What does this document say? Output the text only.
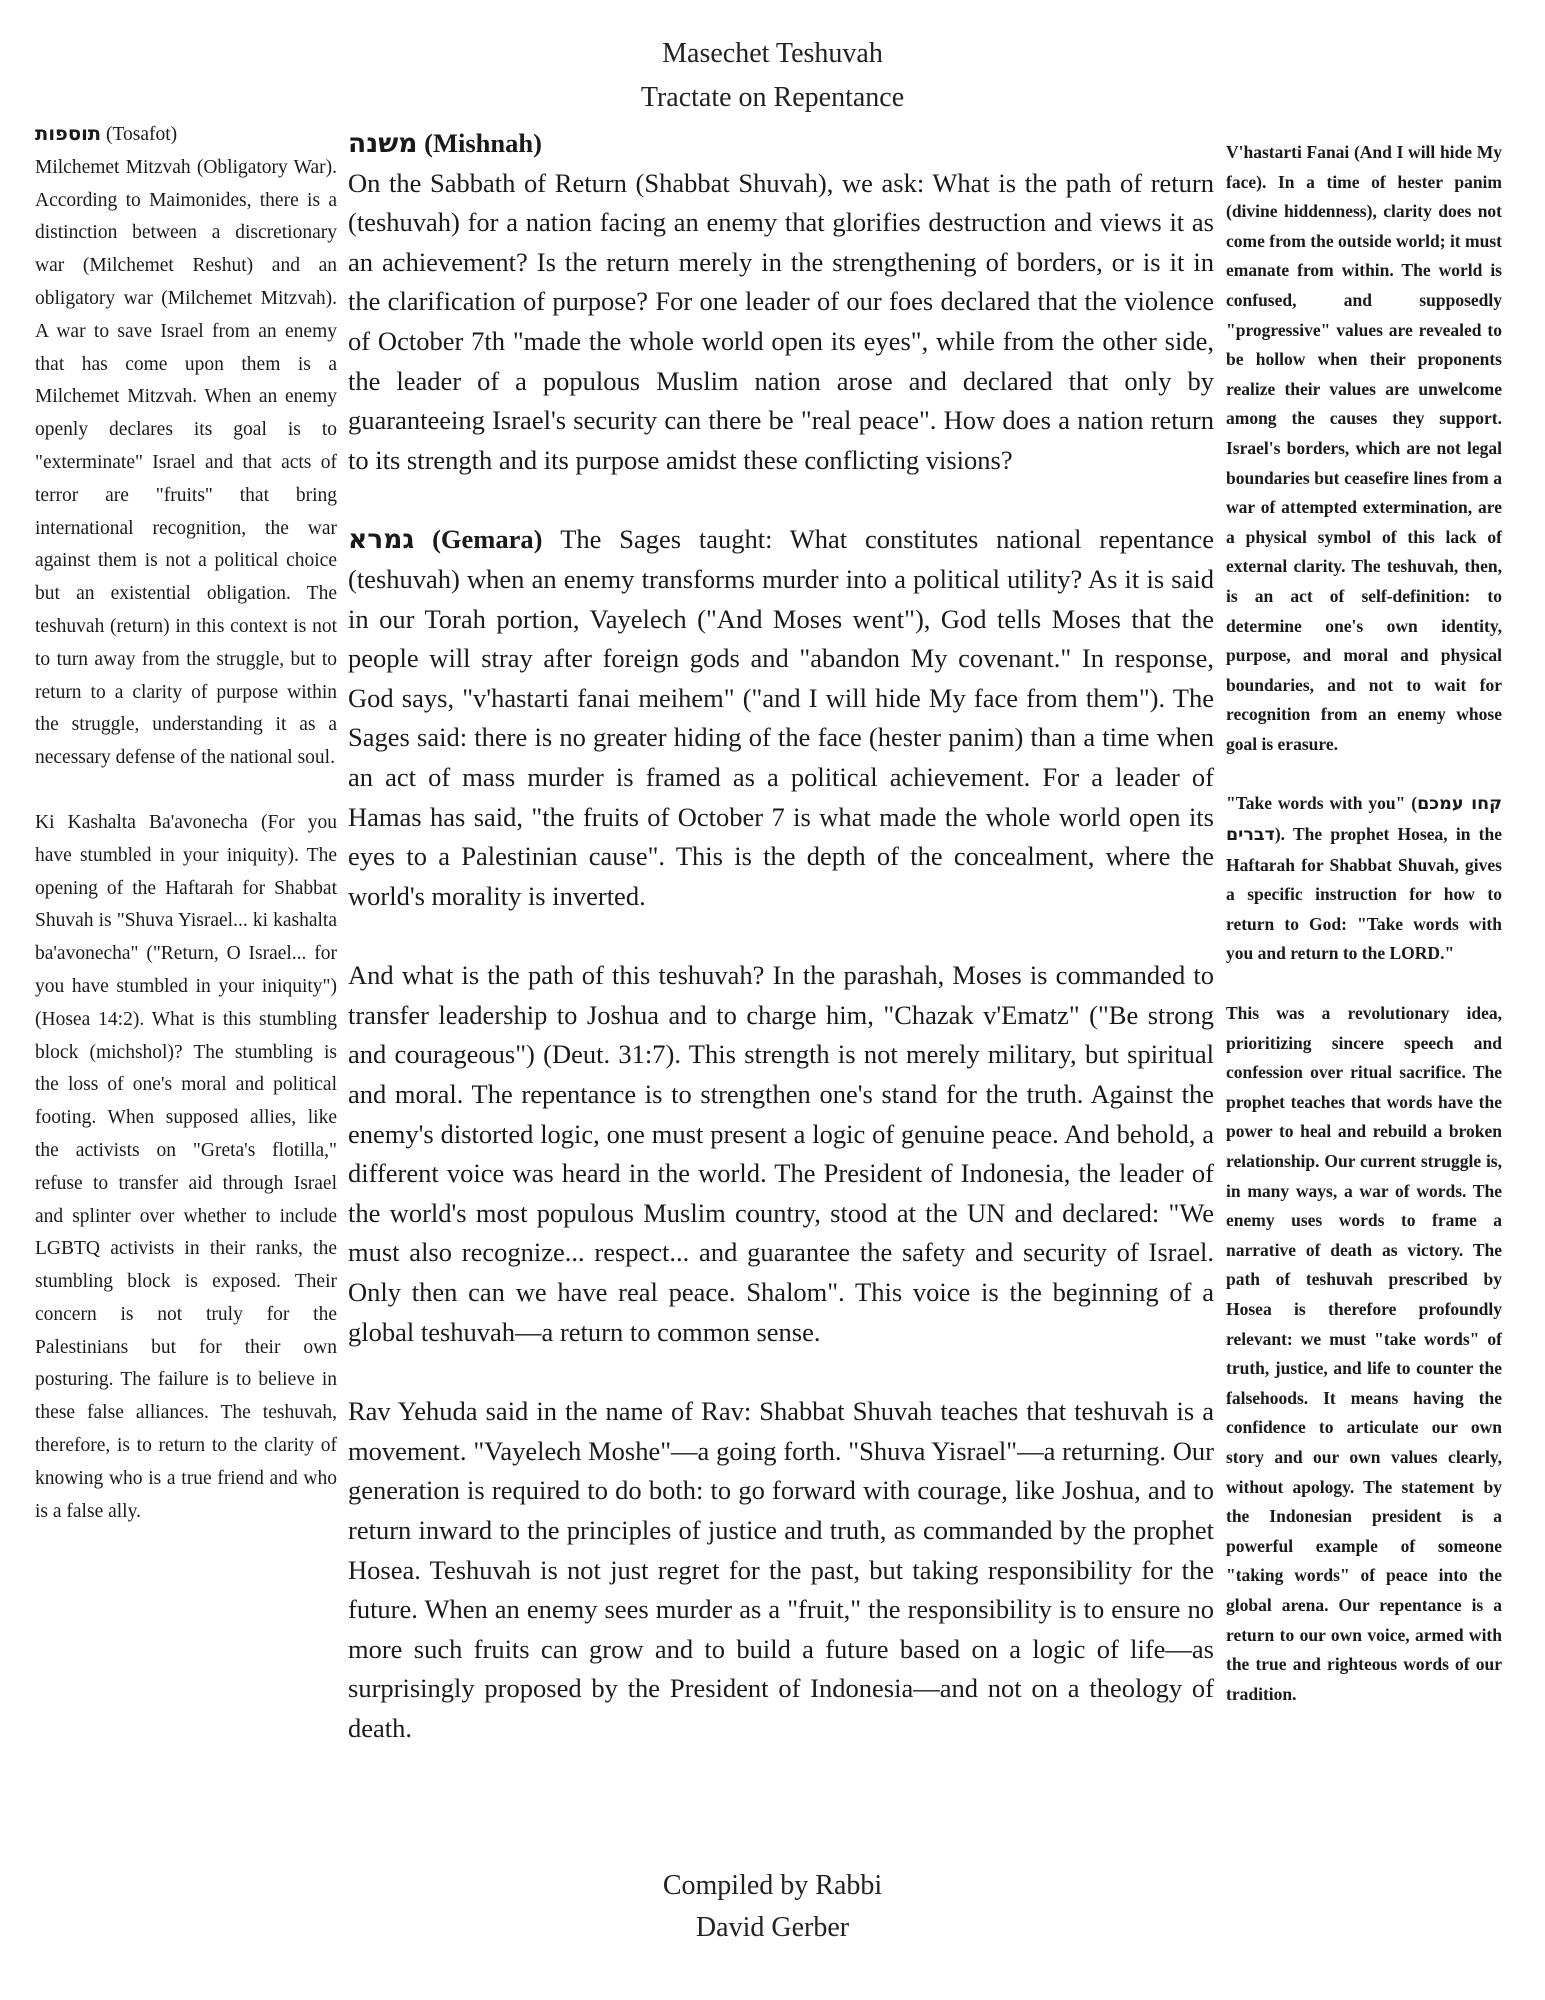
Masechet Teshuvah
Tractate on Repentance

תוספות (Tosafot)

Milchemet Mitzvah (Obligatory War). According to Maimonides, there is a distinction between a discretionary war (Milchemet Reshut) and an obligatory war (Milchemet Mitzvah). A war to save Israel from an enemy that has come upon them is a Milchemet Mitzvah. When an enemy openly declares its goal is to "exterminate" Israel and that acts of terror are "fruits" that bring international recognition, the war against them is not a political choice but an existential obligation. The teshuvah (return) in this context is not to turn away from the struggle, but to return to a clarity of purpose within the struggle, understanding it as a necessary defense of the national soul.

Ki Kashalta Ba'avonecha (For you have stumbled in your iniquity). The opening of the Haftarah for Shabbat Shuvah is "Shuva Yisrael... ki kashalta ba'avonecha" ("Return, O Israel... for you have stumbled in your iniquity") (Hosea 14:2). What is this stumbling block (michshol)? The stumbling is the loss of one's moral and political footing. When supposed allies, like the activists on "Greta's flotilla," refuse to transfer aid through Israel and splinter over whether to include LGBTQ activists in their ranks, the stumbling block is exposed. Their concern is not truly for the Palestinians but for their own posturing. The failure is to believe in these false alliances. The teshuvah, therefore, is to return to the clarity of knowing who is a true friend and who is a false ally.

משנה (Mishnah)
On the Sabbath of Return (Shabbat Shuvah), we ask: What is the path of return (teshuvah) for a nation facing an enemy that glorifies destruction and views it as an achievement? Is the return merely in the strengthening of borders, or is it in the clarification of purpose? For one leader of our foes declared that the violence of October 7th "made the whole world open its eyes", while from the other side, the leader of a populous Muslim nation arose and declared that only by guaranteeing Israel's security can there be "real peace". How does a nation return to its strength and its purpose amidst these conflicting visions?

גמרא (Gemara) The Sages taught: What constitutes national repentance (teshuvah) when an enemy transforms murder into a political utility? As it is said in our Torah portion, Vayelech ("And Moses went"), God tells Moses that the people will stray after foreign gods and "abandon My covenant." In response, God says, "v'hastarti fanai meihem" ("and I will hide My face from them"). The Sages said: there is no greater hiding of the face (hester panim) than a time when an act of mass murder is framed as a political achievement. For a leader of Hamas has said, "the fruits of October 7 is what made the whole world open its eyes to a Palestinian cause". This is the depth of the concealment, where the world's morality is inverted.

And what is the path of this teshuvah? In the parashah, Moses is commanded to transfer leadership to Joshua and to charge him, "Chazak v'Ematz" ("Be strong and courageous") (Deut. 31:7). This strength is not merely military, but spiritual and moral. The repentance is to strengthen one's stand for the truth. Against the enemy's distorted logic, one must present a logic of genuine peace. And behold, a different voice was heard in the world. The President of Indonesia, the leader of the world's most populous Muslim country, stood at the UN and declared: "We must also recognize... respect... and guarantee the safety and security of Israel. Only then can we have real peace. Shalom". This voice is the beginning of a global teshuvah—a return to common sense.

Rav Yehuda said in the name of Rav: Shabbat Shuvah teaches that teshuvah is a movement. "Vayelech Moshe"—a going forth. "Shuva Yisrael"—a returning. Our generation is required to do both: to go forward with courage, like Joshua, and to return inward to the principles of justice and truth, as commanded by the prophet Hosea. Teshuvah is not just regret for the past, but taking responsibility for the future. When an enemy sees murder as a "fruit," the responsibility is to ensure no more such fruits can grow and to build a future based on a logic of life—as surprisingly proposed by the President of Indonesia—and not on a theology of death.

V'hastarti Fanai (And I will hide My face). In a time of hester panim (divine hiddenness), clarity does not come from the outside world; it must emanate from within. The world is confused, and supposedly "progressive" values are revealed to be hollow when their proponents realize their values are unwelcome among the causes they support. Israel's borders, which are not legal boundaries but ceasefire lines from a war of attempted extermination, are a physical symbol of this lack of external clarity. The teshuvah, then, is an act of self-definition: to determine one's own identity, purpose, and moral and physical boundaries, and not to wait for recognition from an enemy whose goal is erasure.

"Take words with you" (קחו עמכם דברים). The prophet Hosea, in the Haftarah for Shabbat Shuvah, gives a specific instruction for how to return to God: "Take words with you and return to the LORD."

This was a revolutionary idea, prioritizing sincere speech and confession over ritual sacrifice. The prophet teaches that words have the power to heal and rebuild a broken relationship. Our current struggle is, in many ways, a war of words. The enemy uses words to frame a narrative of death as victory. The path of teshuvah prescribed by Hosea is therefore profoundly relevant: we must "take words" of truth, justice, and life to counter the falsehoods. It means having the confidence to articulate our own story and our own values clearly, without apology. The statement by the Indonesian president is a powerful example of someone "taking words" of peace into the global arena. Our repentance is a return to our own voice, armed with the true and righteous words of our tradition.

Compiled by Rabbi
David Gerber
